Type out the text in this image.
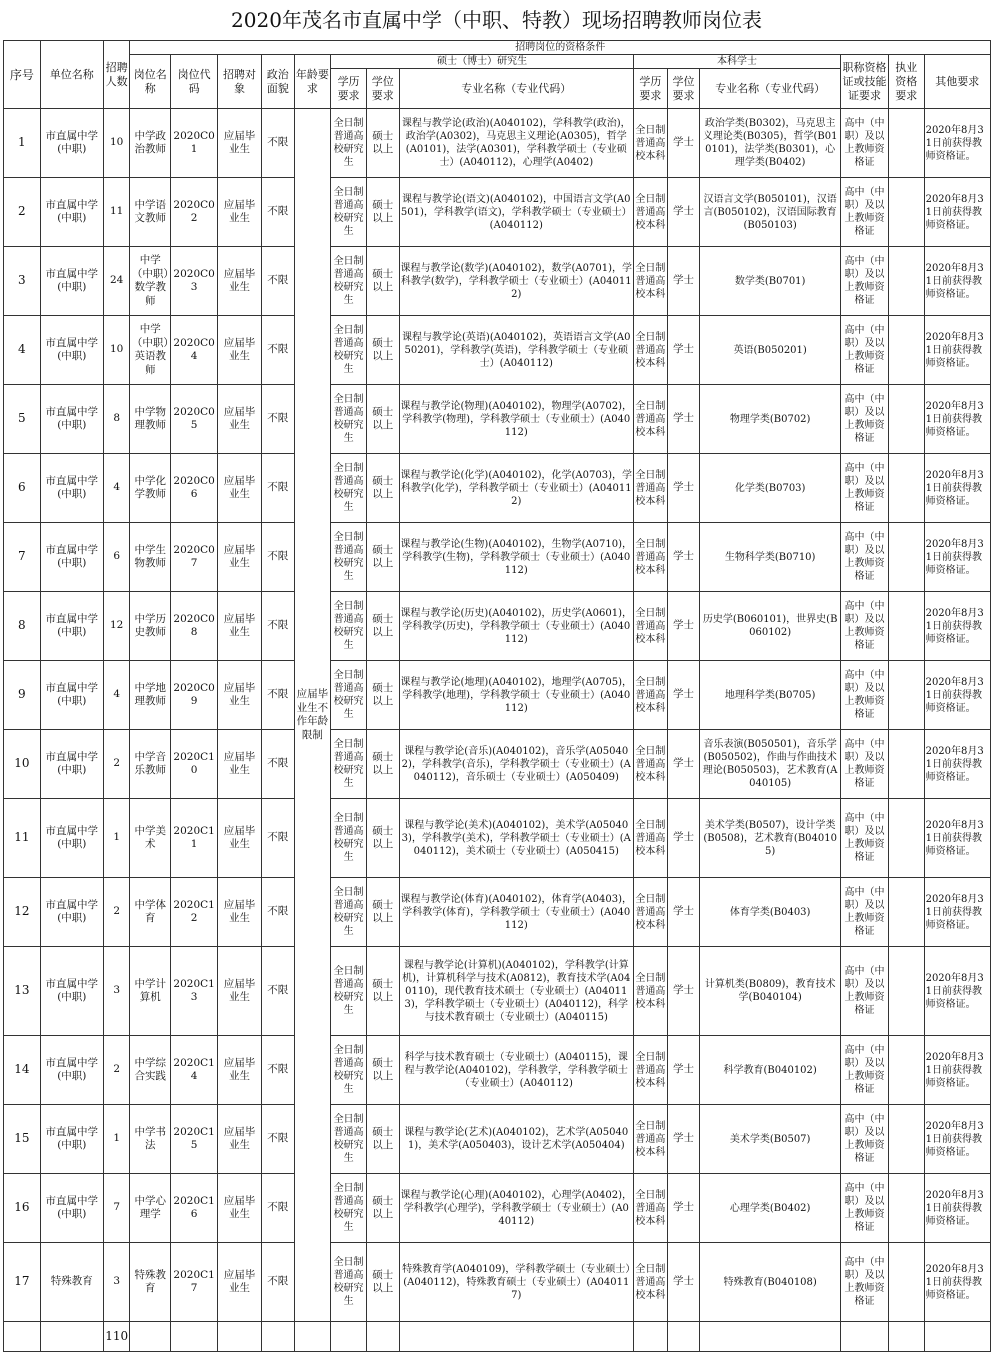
2020年茂名市直属中学（中职、特教）现场招聘教师岗位表
序号	单位名称	招聘人数	招聘岗位的资格条件													
			岗位名称	岗位代码	招聘对象	政治面貌	年龄要求	硕士（博士）研究生			本科学士			职称资格证或技能证要求	执业资格要求	其他要求
								学历要求	学位要求	专业名称（专业代码）	学历要求	学位要求	专业名称（专业代码）			
1	市直属中学(中职)	10	中学政治教师	2020C01	应届毕业生	不限	应届毕业生不作年龄限制	全日制普通高校研究生	硕士以上	课程与教学论(政治)(A040102)，学科教学(政治)，政治学(A0302)，马克思主义理论(A0305)，哲学(A0101)，法学(A0301)，学科教学硕士（专业硕士）(A040112)，心理学(A0402)	全日制普通高校本科	学士	政治学类(B0302)，马克思主义理论类(B0305)，哲学(B010101)，法学类(B0301)，心理学类(B0402)	高中（中职）及以上教师资格证		2020年8月31日前获得教师资格证。
2	市直属中学(中职)	11	中学语文教师	2020C02	应届毕业生	不限		全日制普通高校研究生	硕士以上	课程与教学论(语文)(A040102)，中国语言文学(A0501)，学科教学(语文)，学科教学硕士（专业硕士）(A040112)	全日制普通高校本科	学士	汉语言文学(B050101)，汉语言(B050102)，汉语国际教育(B050103)	高中（中职）及以上教师资格证		2020年8月31日前获得教师资格证。
3	市直属中学(中职)	24	中学（中职）数学教师	2020C03	应届毕业生	不限		全日制普通高校研究生	硕士以上	课程与教学论(数学)(A040102)，数学(A0701)，学科教学(数学)，学科教学硕士（专业硕士）(A040112)	全日制普通高校本科	学士	数学类(B0701)	高中（中职）及以上教师资格证		2020年8月31日前获得教师资格证。
4	市直属中学(中职)	10	中学（中职）英语教师	2020C04	应届毕业生	不限		全日制普通高校研究生	硕士以上	课程与教学论(英语)(A040102)，英语语言文学(A050201)，学科教学(英语)，学科教学硕士（专业硕士）(A040112)	全日制普通高校本科	学士	英语(B050201)	高中（中职）及以上教师资格证		2020年8月31日前获得教师资格证。
5	市直属中学(中职)	8	中学物理教师	2020C05	应届毕业生	不限		全日制普通高校研究生	硕士以上	课程与教学论(物理)(A040102)，物理学(A0702)，学科教学(物理)，学科教学硕士（专业硕士）(A040112)	全日制普通高校本科	学士	物理学类(B0702)	高中（中职）及以上教师资格证		2020年8月31日前获得教师资格证。
6	市直属中学(中职)	4	中学化学教师	2020C06	应届毕业生	不限		全日制普通高校研究生	硕士以上	课程与教学论(化学)(A040102)，化学(A0703)，学科教学(化学)，学科教学硕士（专业硕士）(A040112)	全日制普通高校本科	学士	化学类(B0703)	高中（中职）及以上教师资格证		2020年8月31日前获得教师资格证。
7	市直属中学(中职)	6	中学生物教师	2020C07	应届毕业生	不限		全日制普通高校研究生	硕士以上	课程与教学论(生物)(A040102)，生物学(A0710)，学科教学(生物)，学科教学硕士（专业硕士）(A040112)	全日制普通高校本科	学士	生物科学类(B0710)	高中（中职）及以上教师资格证		2020年8月31日前获得教师资格证。
8	市直属中学(中职)	12	中学历史教师	2020C08	应届毕业生	不限		全日制普通高校研究生	硕士以上	课程与教学论(历史)(A040102)，历史学(A0601)，学科教学(历史)，学科教学硕士（专业硕士）(A040112)	全日制普通高校本科	学士	历史学(B060101)，世界史(B060102)	高中（中职）及以上教师资格证		2020年8月31日前获得教师资格证。
9	市直属中学(中职)	4	中学地理教师	2020C09	应届毕业生	不限		全日制普通高校研究生	硕士以上	课程与教学论(地理)(A040102)，地理学(A0705)，学科教学(地理)，学科教学硕士（专业硕士）(A040112)	全日制普通高校本科	学士	地理科学类(B0705)	高中（中职）及以上教师资格证		2020年8月31日前获得教师资格证。
10	市直属中学(中职)	2	中学音乐教师	2020C10	应届毕业生	不限		全日制普通高校研究生	硕士以上	课程与教学论(音乐)(A040102)，音乐学(A050402)，学科教学(音乐)，学科教学硕士（专业硕士）(A040112)，音乐硕士（专业硕士）(A050409)	全日制普通高校本科	学士	音乐表演(B050501)，音乐学(B050502)，作曲与作曲技术理论(B050503)，艺术教育(A040105)	高中（中职）及以上教师资格证		2020年8月31日前获得教师资格证。
11	市直属中学(中职)	1	中学美术	2020C11	应届毕业生	不限		全日制普通高校研究生	硕士以上	课程与教学论(美术)(A040102)，美术学(A050403)，学科教学(美术)，学科教学硕士（专业硕士）(A040112)，美术硕士（专业硕士）(A050415)	全日制普通高校本科	学士	美术学类(B0507)，设计学类(B0508)，艺术教育(B040105)	高中（中职）及以上教师资格证		2020年8月31日前获得教师资格证。
12	市直属中学(中职)	2	中学体育	2020C12	应届毕业生	不限		全日制普通高校研究生	硕士以上	课程与教学论(体育)(A040102)，体育学(A0403)，学科教学(体育)，学科教学硕士（专业硕士）(A040112)	全日制普通高校本科	学士	体育学类(B0403)	高中（中职）及以上教师资格证		2020年8月31日前获得教师资格证。
13	市直属中学(中职)	3	中学计算机	2020C13	应届毕业生	不限		全日制普通高校研究生	硕士以上	课程与教学论(计算机)(A040102)，学科教学(计算机)，计算机科学与技术(A0812)，教育技术学(A040110)，现代教育技术硕士（专业硕士）(A040113)，学科教学硕士（专业硕士）(A040112)，科学与技术教育硕士（专业硕士）(A040115)	全日制普通高校本科	学士	计算机类(B0809)，教育技术学(B040104)	高中（中职）及以上教师资格证		2020年8月31日前获得教师资格证。
14	市直属中学(中职)	2	中学综合实践	2020C14	应届毕业生	不限		全日制普通高校研究生	硕士以上	科学与技术教育硕士（专业硕士）(A040115)，课程与教学论(A040102)，学科教学，学科教学硕士（专业硕士）(A040112)	全日制普通高校本科	学士	科学教育(B040102)	高中（中职）及以上教师资格证		2020年8月31日前获得教师资格证。
15	市直属中学(中职)	1	中学书法	2020C15	应届毕业生	不限		全日制普通高校研究生	硕士以上	课程与教学论(艺术)(A040102)，艺术学(A050401)，美术学(A050403)，设计艺术学(A050404)	全日制普通高校本科	学士	美术学类(B0507)	高中（中职）及以上教师资格证		2020年8月31日前获得教师资格证。
16	市直属中学(中职)	7	中学心理学	2020C16	应届毕业生	不限		全日制普通高校研究生	硕士以上	课程与教学论(心理)(A040102)，心理学(A0402)，学科教学(心理学)，学科教学硕士（专业硕士）(A040112)	全日制普通高校本科	学士	心理学类(B0402)	高中（中职）及以上教师资格证		2020年8月31日前获得教师资格证。
17	特殊教育	3	特殊教育	2020C17	应届毕业生	不限		全日制普通高校研究生	硕士以上	特殊教育学(A040109)，学科教学硕士（专业硕士）(A040112)，特殊教育硕士（专业硕士）(A040117)	全日制普通高校本科	学士	特殊教育(B040108)	高中（中职）及以上教师资格证		2020年8月31日前获得教师资格证。
		110														
